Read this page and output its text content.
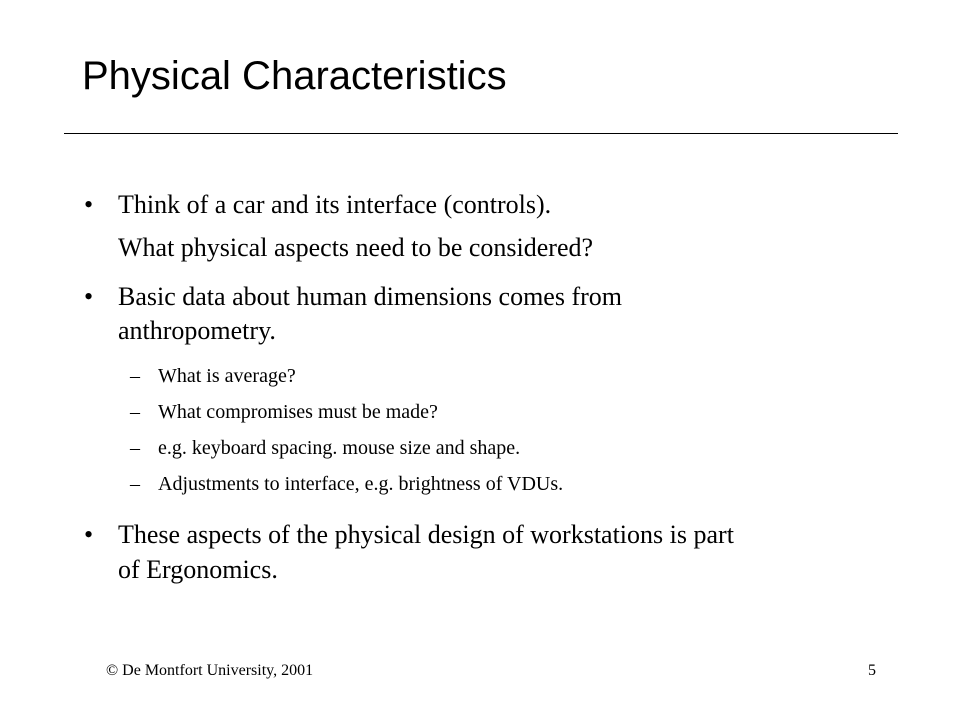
Physical Characteristics
• Think of a car and its interface (controls).

What physical aspects need to be considered?

• Basic data about human dimensions comes from

anthropometry.

– What is average?

– What compromises must be made?

– e.g. keyboard spacing. mouse size and shape.

– Adjustments to interface, e.g. brightness of VDUs.

• These aspects of the physical design of workstations is part

of Ergonomics.

© De Montfort University, 2001	5
